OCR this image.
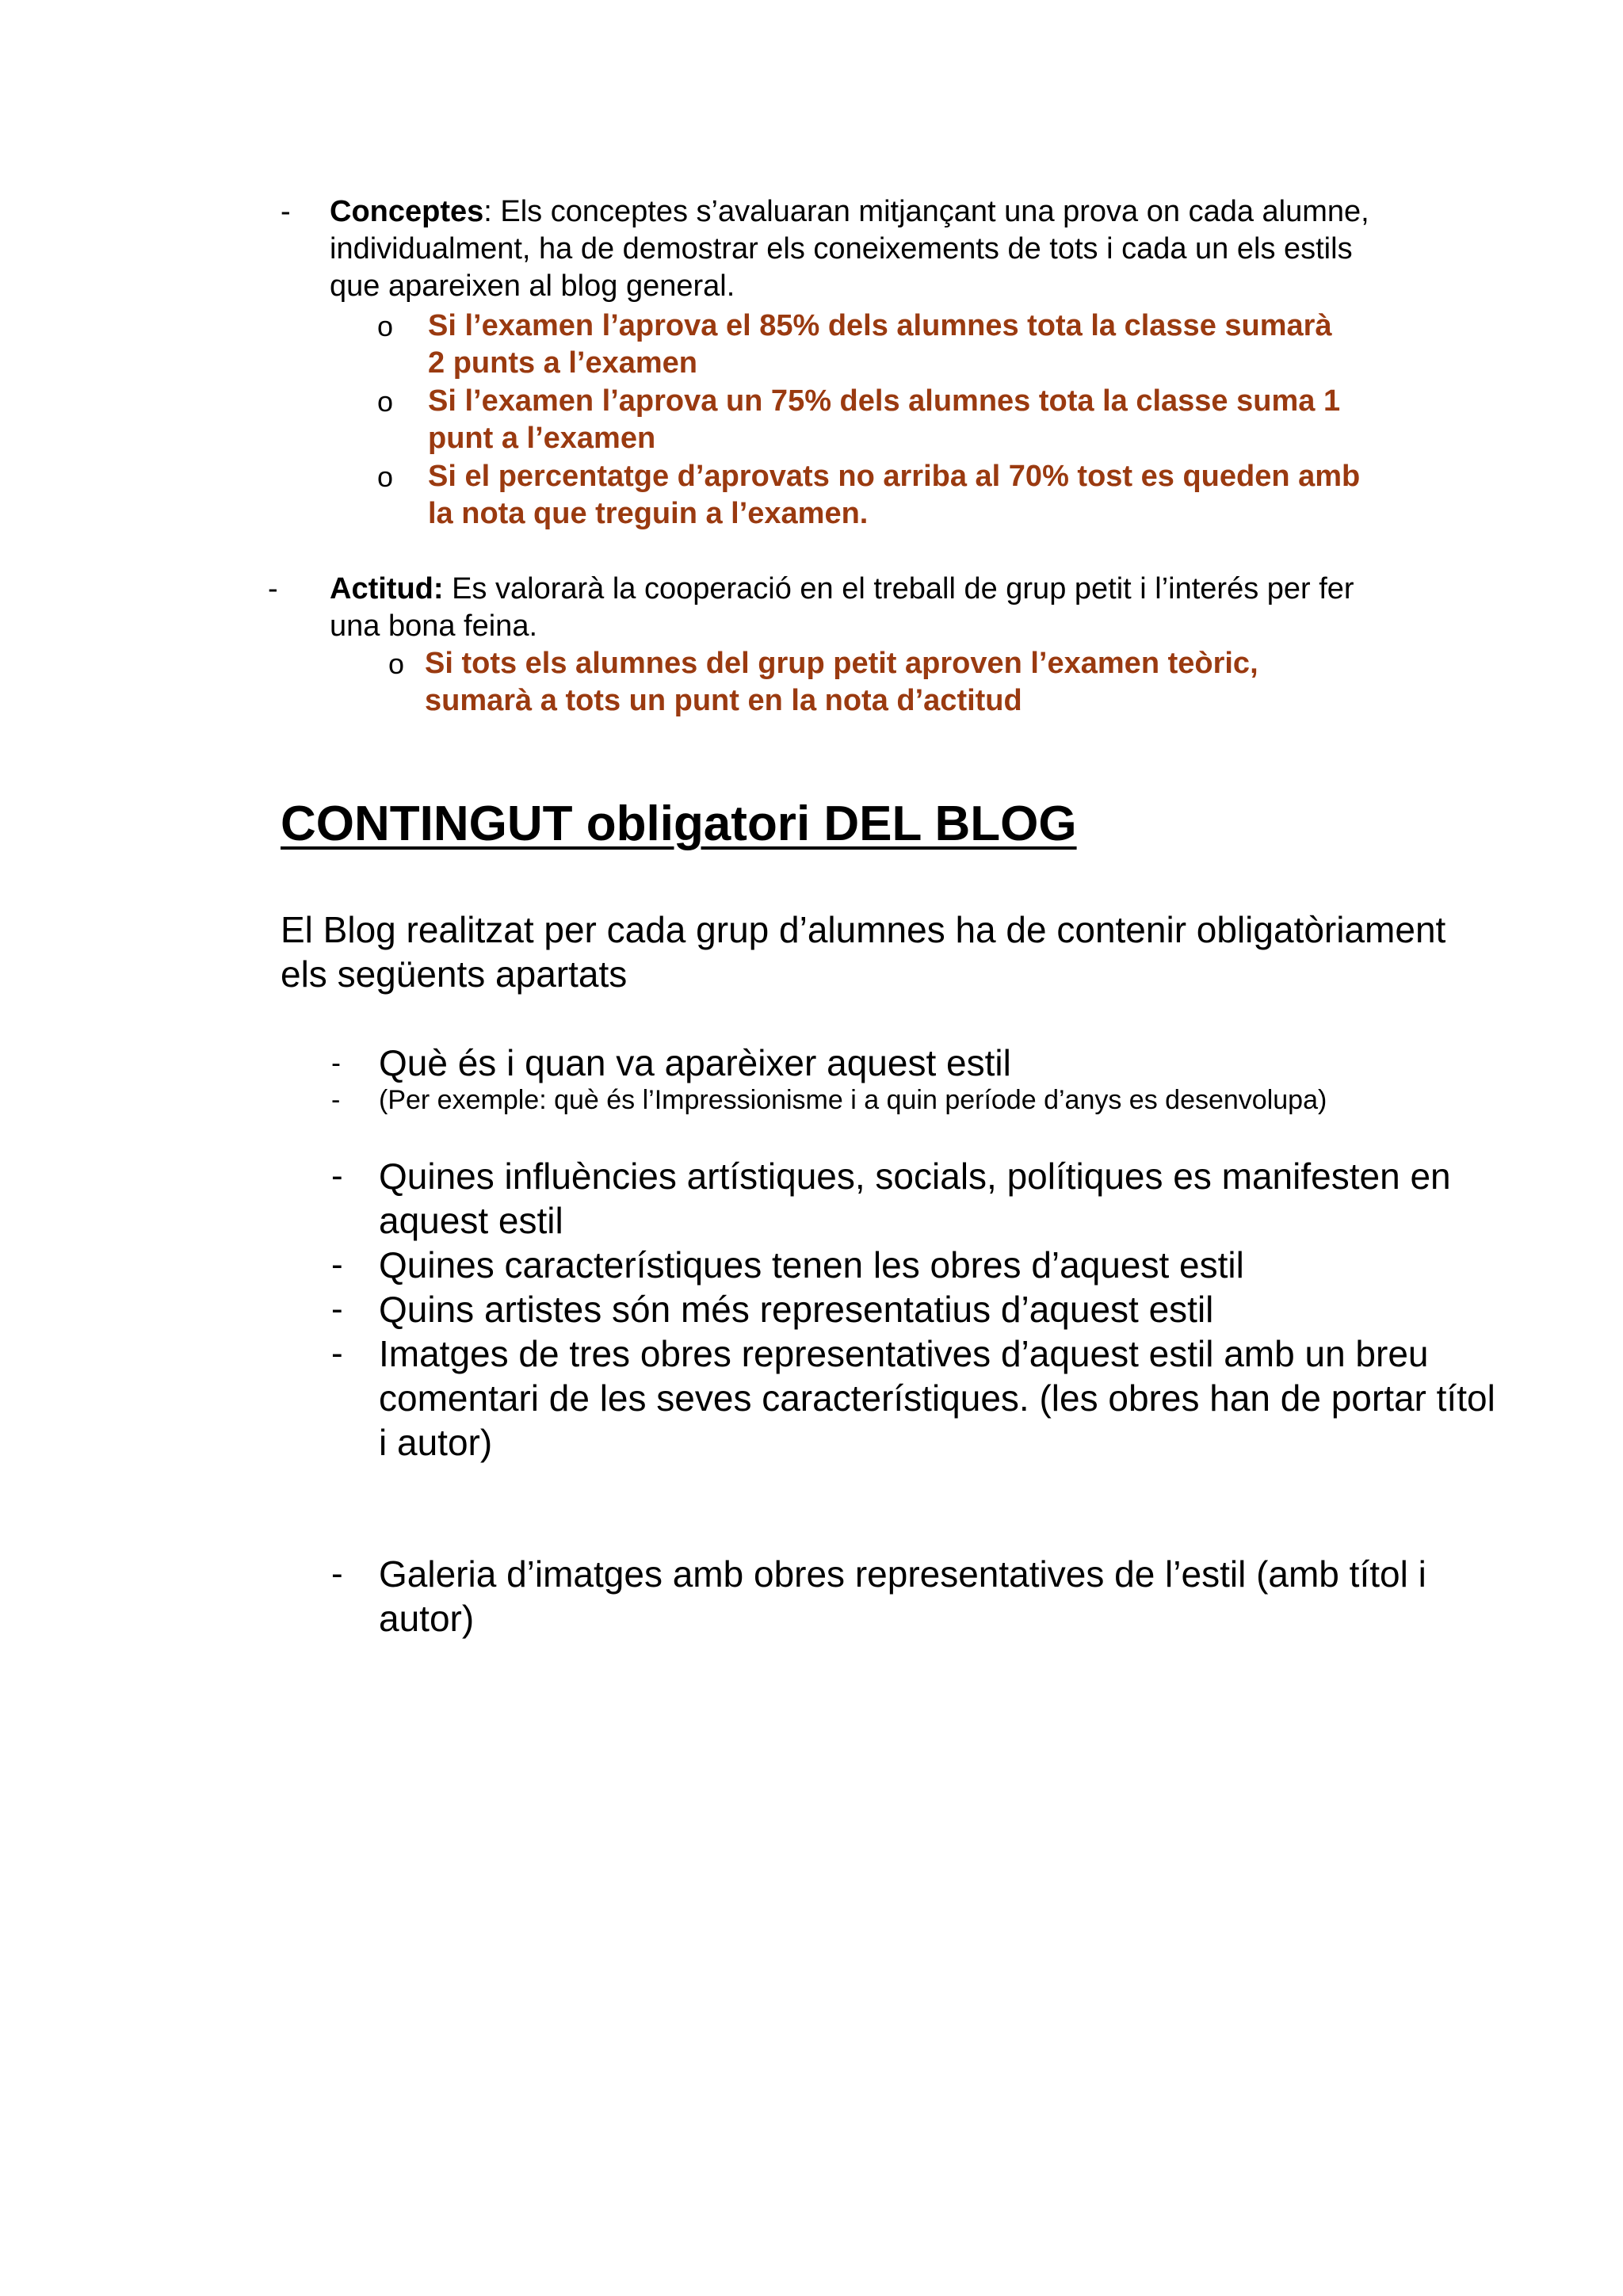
- Conceptes: Els conceptes s’avaluaran mitjançant una prova on cada alumne, individualment, ha de demostrar els coneixements de tots i cada un els estils que apareixen al blog general.
o Si l’examen l’aprova el 85% dels alumnes tota la classe sumarà 2 punts a l’examen
o Si l’examen l’aprova un 75% dels alumnes tota la classe suma 1 punt a l’examen
o Si el percentatge d’aprovats no arriba al 70% tost es queden amb la nota que treguin a l’examen.
- Actitud: Es valorarà la cooperació en el treball de grup petit i l’interés per fer una bona feina.
o Si tots els alumnes del grup petit aproven l’examen teòric, sumarà a tots un punt en la nota d’actitud
CONTINGUT obligatori DEL BLOG
El Blog realitzat per cada grup d’alumnes ha de contenir obligatòriament els següents apartats
- Què és i quan va aparèixer aquest estil
- (Per exemple: què és l’Impressionisme i a quin període d’anys es desenvolupa)
- Quines influències artístiques, socials, polítiques es manifesten en aquest estil
- Quines característiques tenen les obres d’aquest estil
- Quins artistes són més representatius d’aquest estil
- Imatges de tres obres representatives d’aquest estil amb un breu comentari de les seves característiques. (les obres han de portar títol i autor)
- Galeria d’imatges amb obres representatives de l’estil (amb títol i autor)
